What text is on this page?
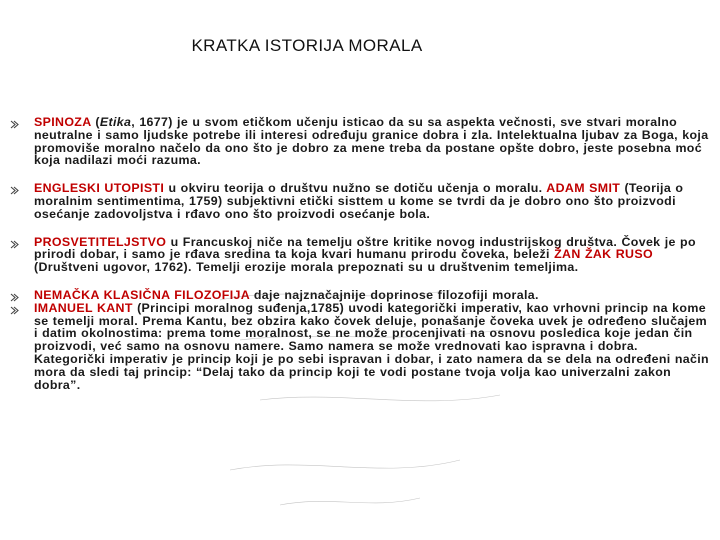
KRATKA ISTORIJA MORALA
SPINOZA (Etika, 1677) je u svom etičkom učenju isticao da su sa aspekta večnosti, sve stvari moralno neutralne i samo ljudske potrebe ili interesi određuju granice dobra i zla. Intelektualna ljubav za Boga, koja promoviše moralno načelo da ono što je dobro za mene treba da postane opšte dobro, jeste posebna moć koja nadilazi moći razuma.
ENGLESKI UTOPISTI u okviru teorija o društvu nužno se dotiču učenja o moralu. ADAM SMIT (Teorija o moralnim sentimentima, 1759) subjektivni etički sisttem u kome se tvrdi da je dobro ono što proizvodi osećanje zadovoljstva i rđavo ono što proizvodi osećanje bola.
PROSVETITELJSTVO u Francuskoj niče na temelju oštre kritike novog industrijskog društva. Čovek je po prirodi dobar, i samo je rđava sredina ta koja kvari humanu prirodu čoveka, beleži ŽAN ŽAK RUSO (Društveni ugovor, 1762). Temelji erozije morala prepoznati su u društvenim temeljima.
NEMAČKA KLASIČNA FILOZOFIJA daje najznačajnije doprinose filozofiji morala.
IMANUEL KANT (Principi moralnog suđenja,1785) uvodi kategorički imperativ, kao vrhovni princip na kome se temelji moral. Prema Kantu, bez obzira kako čovek deluje, ponašanje čoveka uvek je određeno slučajem i datim okolnostima: prema tome moralnost, se ne može procenjivati na osnovu posledica koje jedan čin proizvodi, već samo na osnovu namere. Samo namera se može vrednovati kao ispravna i dobra. Kategorički imperativ je princip koji je po sebi ispravan i dobar, i zato namera da se dela na određeni način mora da sledi taj princip: “Delaj tako da princip koji te vodi postane tvoja volja kao univerzalni zakon dobra”.
